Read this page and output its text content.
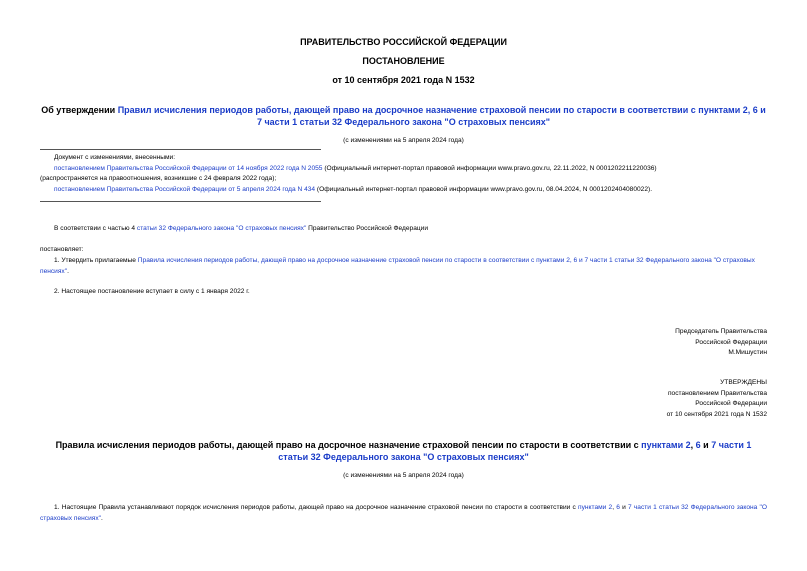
ПРАВИТЕЛЬСТВО РОССИЙСКОЙ ФЕДЕРАЦИИ
ПОСТАНОВЛЕНИЕ
от 10 сентября 2021 года N 1532
Об утверждении Правил исчисления периодов работы, дающей право на досрочное назначение страховой пенсии по старости в соответствии с пунктами 2, 6 и 7 части 1 статьи 32 Федерального закона "О страховых пенсиях"
(с изменениями на 5 апреля 2024 года)
Документ с изменениями, внесенными:
постановлением Правительства Российской Федерации от 14 ноября 2022 года N 2055 (Официальный интернет-портал правовой информации www.pravo.gov.ru, 22.11.2022, N 0001202211220036)
(распространяется на правоотношения, возникшие с 24 февраля 2022 года);
постановлением Правительства Российской Федерации от 5 апреля 2024 года N 434 (Официальный интернет-портал правовой информации www.pravo.gov.ru, 08.04.2024, N 0001202404080022).
В соответствии с частью 4 статьи 32 Федерального закона "О страховых пенсиях" Правительство Российской Федерации
постановляет:
1. Утвердить прилагаемые Правила исчисления периодов работы, дающей право на досрочное назначение страховой пенсии по старости в соответствии с пунктами 2, 6 и 7 части 1 статьи 32 Федерального закона "О страховых пенсиях".
2. Настоящее постановление вступает в силу с 1 января 2022 г.
Председатель Правительства
Российской Федерации
М.Мишустин
УТВЕРЖДЕНЫ
постановлением Правительства
Российской Федерации
от 10 сентября 2021 года N 1532
Правила исчисления периодов работы, дающей право на досрочное назначение страховой пенсии по старости в соответствии с пунктами 2, 6 и 7 части 1 статьи 32 Федерального закона "О страховых пенсиях"
(с изменениями на 5 апреля 2024 года)
1. Настоящие Правила устанавливают порядок исчисления периодов работы, дающей право на досрочное назначение страховой пенсии по старости в соответствии с пунктами 2, 6 и 7 части 1 статьи 32 Федерального закона "О страховых пенсиях".
